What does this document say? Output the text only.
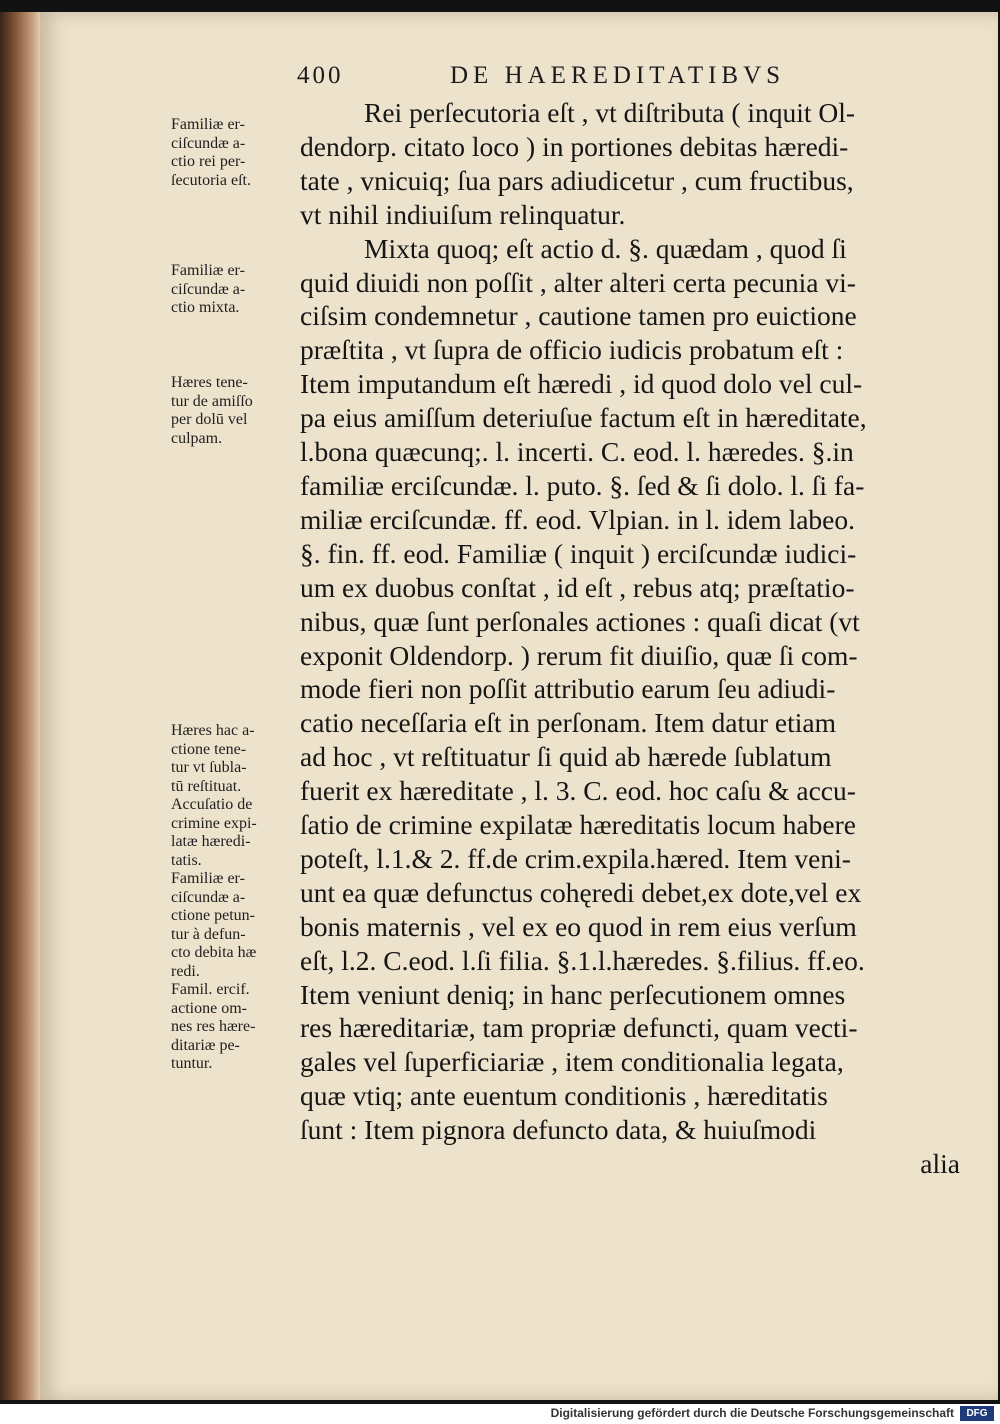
400	DE HAEREDITATIBVS
Familiæ er-
ciſcundæ a-
ctio rei per-
ſecutoria eſt.
Familiæ er-
ciſcundæ a-
ctio mixta.
Hæres tene-
tur de amiſſo
per dolū vel
culpam.
Hæres hac a-
ctione tene-
tur vt ſubla-
tū reſtituat.
Accuſatio de
crimine expi-
latæ hæredi-
tatis.
Familiæ er-
ciſcundæ a-
ctione petun-
tur à defun-
cto debita hæ
redi.
Famil. ercif.
actione om-
nes res hære-
ditariæ pe-
tuntur.
Rei perſecutoria eſt , vt diſtributa ( inquit Ol-
dendorp. citato loco ) in portiones debitas hæredi-
tate , vnicuiq; ſua pars adiudicetur , cum fructibus,
vt nihil indiuiſum relinquatur.
Mixta quoq; eſt actio d. §. quædam , quod ſi
quid diuidi non poſſit , alter alteri certa pecunia vi-
ciſsim condemnetur , cautione tamen pro euictione
præſtita , vt ſupra de officio iudicis probatum eſt :
Item imputandum eſt hæredi , id quod dolo vel cul-
pa eius amiſſum deteriuſue factum eſt in hæreditate,
l.bona quæcunq;. l. incerti. C. eod. l. hæredes. §.in
familiæ erciſcundæ. l. puto. §. ſed & ſi dolo. l. ſi fa-
miliæ erciſcundæ. ff. eod. Vlpian. in l. idem labeo.
§. fin. ff. eod. Familiæ ( inquit ) erciſcundæ iudici-
um ex duobus conſtat , id eſt , rebus atq; præſtatio-
nibus, quæ ſunt perſonales actiones : quaſi dicat (vt
exponit Oldendorp. ) rerum fit diuiſio, quæ ſi com-
mode fieri non poſſit attributio earum ſeu adiudi-
catio neceſſaria eſt in perſonam. Item datur etiam
ad hoc , vt reſtituatur ſi quid ab hærede ſublatum
fuerit ex hæreditate , l. 3. C. eod. hoc caſu & accu-
ſatio de crimine expilatæ hæreditatis locum habere
poteſt, l.1.& 2. ff.de crim.expila.hæred. Item veni-
unt ea quæ defunctus cohęredi debet,ex dote,vel ex
bonis maternis , vel ex eo quod in rem eius verſum
eſt, l.2. C.eod. l.ſi filia. §.1.l.hæredes. §.filius. ff.eo.
Item veniunt deniq; in hanc perſecutionem omnes
res hæreditariæ, tam propriæ defuncti, quam vecti-
gales vel ſuperficiariæ , item conditionalia legata,
quæ vtiq; ante euentum conditionis , hæreditatis
ſunt : Item pignora defuncto data, & huiuſmodi
alia
Digitalisierung gefördert durch die Deutsche Forschungsgemeinschaft	DFG
